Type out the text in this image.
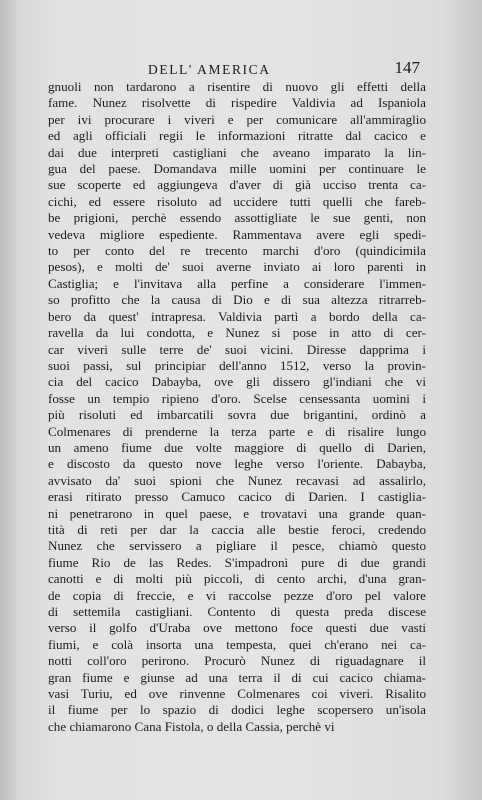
DELL' AMERICA	147
gnuoli non tardarono a risentire di nuovo gli effetti della
fame. Nunez risolvette di rispedire Valdivia ad Ispaniola
per ivi procurare i viveri e per comunicare all'ammiraglio
ed agli officiali regii le informazioni ritratte dal cacico e
dai due interpreti castigliani che aveano imparato la lin-
gua del paese. Domandava mille uomini per continuare le
sue scoperte ed aggiungeva d'aver di già ucciso trenta ca-
cichi, ed essere risoluto ad uccidere tutti quelli che fareb-
be prigioni, perchè essendo assottigliate le sue genti, non
vedeva migliore espediente. Rammentava avere egli spedi-
to per conto del re trecento marchi d'oro (quindicimila
pesos), e molti de' suoi averne inviato ai loro parenti in
Castiglia; e l'invitava alla perfine a considerare l'immen-
so profitto che la causa di Dio e di sua altezza ritrarreb-
bero da quest' intrapresa. Valdivia partì a bordo della ca-
ravella da lui condotta, e Nunez si pose in atto di cer-
car viveri sulle terre de' suoi vicini. Diresse dapprima i
suoi passi, sul principiar dell'anno 1512, verso la provin-
cia del cacico Dabayba, ove gli dissero gl'indiani che vi
fosse un tempio ripieno d'oro. Scelse censessanta uomini i
più risoluti ed imbarcatili sovra due brigantini, ordinò a
Colmenares di prenderne la terza parte e di risalire lungo
un ameno fiume due volte maggiore di quello di Darien,
e discosto da questo nove leghe verso l'oriente. Dabayba,
avvisato da' suoi spioni che Nunez recavasi ad assalirlo,
erasi ritirato presso Camuco cacico di Darien. I castiglia-
ni penetrarono in quel paese, e trovatavi una grande quan-
tità di reti per dar la caccia alle bestie feroci, credendo
Nunez che servissero a pigliare il pesce, chiamò questo
fiume Rio de las Redes. S'impadronì pure di due grandi
canotti e di molti più piccoli, di cento archi, d'una gran-
de copia di freccie, e vi raccolse pezze d'oro pel valore
di settemila castigliani. Contento di questa preda discese
verso il golfo d'Uraba ove mettono foce questi due vasti
fiumi, e colà insorta una tempesta, quei ch'erano nei ca-
notti coll'oro perirono. Procurò Nunez di riguadagnare il
gran fiume e giunse ad una terra il di cui cacico chiama-
vasi Turiu, ed ove rinvenne Colmenares coi viveri. Risalito
il fiume per lo spazio di dodici leghe scopersero un'isola
che chiamarono Cana Fistola, o della Cassia, perchè vi
